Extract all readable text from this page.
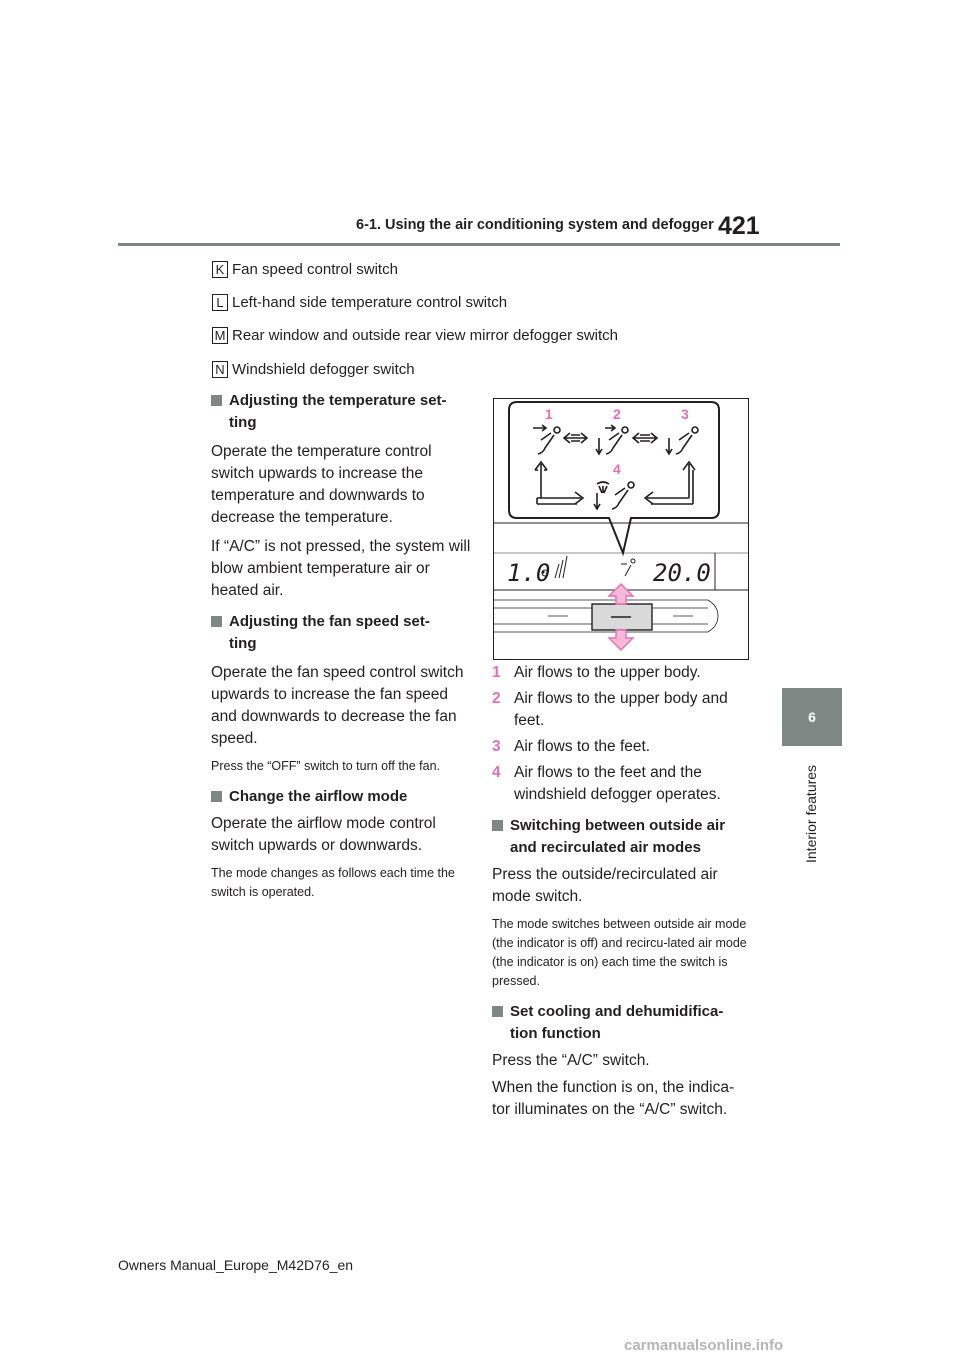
6-1. Using the air conditioning system and defogger 421
6
Interior features
K Fan speed control switch
L Left-hand side temperature control switch
M Rear window and outside rear view mirror defogger switch
N Windshield defogger switch
Adjusting the temperature set-
ting

Operate the temperature control switch upwards to increase the temperature and downwards to decrease the temperature.

If “A/C” is not pressed, the system will blow ambient temperature air or heated air.

Adjusting the fan speed set-
ting

Operate the fan speed control switch upwards to increase the fan speed and downwards to decrease the fan speed.

Press the “OFF” switch to turn off the fan.

Change the airflow mode

Operate the airflow mode control switch upwards or downwards.

The mode changes as follows each time the switch is operated.

1	2	3
4
1.0	20.0
1 Air flows to the upper body.
2 Air flows to the upper body and feet.
3 Air flows to the feet.
4 Air flows to the feet and the windshield defogger operates.
Switching between outside air
and recirculated air modes

Press the outside/recirculated air mode switch.

The mode switches between outside air mode (the indicator is off) and recircu-lated air mode (the indicator is on) each time the switch is pressed.

Set cooling and dehumidifica-
tion function

Press the “A/C” switch.

When the function is on, the indica-tor illuminates on the “A/C” switch.

Owners Manual_Europe_M42D76_en
carmanualsonline.info
